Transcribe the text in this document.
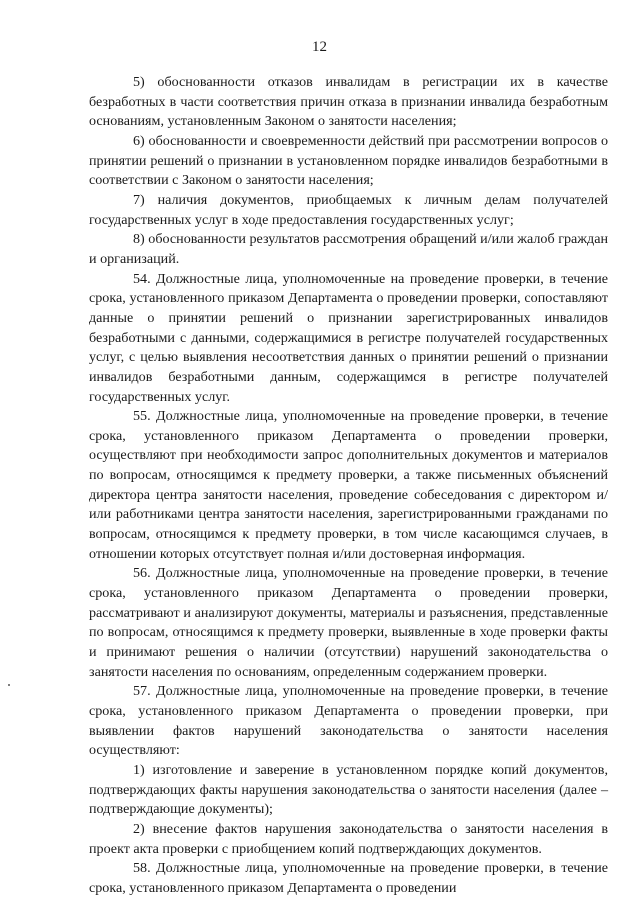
12

5) обоснованности отказов инвалидам в регистрации их в качестве безработных в части соответствия причин отказа в признании инвалида безработным основаниям, установленным Законом о занятости населения;

6) обоснованности и своевременности действий при рассмотрении вопросов о принятии решений о признании в установленном порядке инвалидов безработными в соответствии с Законом о занятости населения;

7) наличия документов, приобщаемых к личным делам получателей государственных услуг в ходе предоставления государственных услуг;

8) обоснованности результатов рассмотрения обращений и/или жалоб граждан и организаций.

54. Должностные лица, уполномоченные на проведение проверки, в течение срока, установленного приказом Департамента о проведении проверки, сопоставляют данные о принятии решений о признании зарегистрированных инвалидов безработными с данными, содержащимися в регистре получателей государственных услуг, с целью выявления несоответствия данных о принятии решений о признании инвалидов безработными данным, содержащимся в регистре получателей государственных услуг.

55. Должностные лица, уполномоченные на проведение проверки, в течение срока, установленного приказом Департамента о проведении проверки, осуществляют при необходимости запрос дополнительных документов и материалов по вопросам, относящимся к предмету проверки, а также письменных объяснений директора центра занятости населения, проведение собеседования с директором и/или работниками центра занятости населения, зарегистрированными гражданами по вопросам, относящимся к предмету проверки, в том числе касающимся случаев, в отношении которых отсутствует полная и/или достоверная информация.

56. Должностные лица, уполномоченные на проведение проверки, в течение срока, установленного приказом Департамента о проведении проверки, рассматривают и анализируют документы, материалы и разъяснения, представленные по вопросам, относящимся к предмету проверки, выявленные в ходе проверки факты и принимают решения о наличии (отсутствии) нарушений законодательства о занятости населения по основаниям, определенным содержанием проверки.

57. Должностные лица, уполномоченные на проведение проверки, в течение срока, установленного приказом Департамента о проведении проверки, при выявлении фактов нарушений законодательства о занятости населения осуществляют:

1) изготовление и заверение в установленном порядке копий документов, подтверждающих факты нарушения законодательства о занятости населения (далее – подтверждающие документы);

2) внесение фактов нарушения законодательства о занятости населения в проект акта проверки с приобщением копий подтверждающих документов.

58. Должностные лица, уполномоченные на проведение проверки, в течение срока, установленного приказом Департамента о проведении
